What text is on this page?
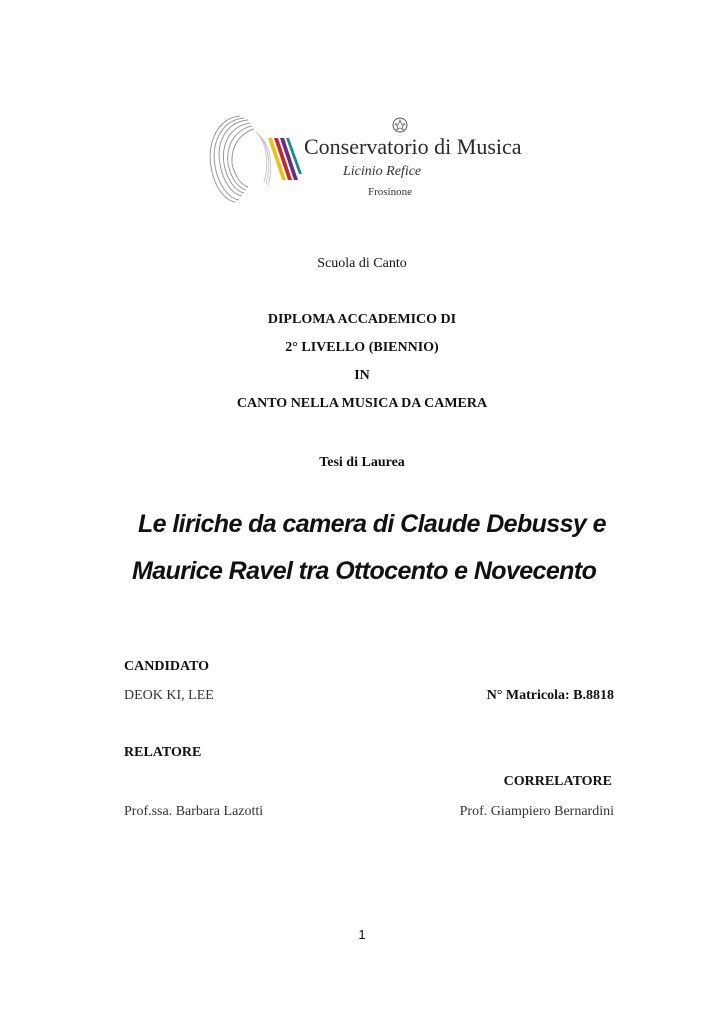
Conservatorio di Musica
Licinio Refice
Frosinone
Scuola di Canto
DIPLOMA ACCADEMICO DI
2° LIVELLO (BIENNIO)
IN
CANTO NELLA MUSICA DA CAMERA
Tesi di Laurea
Le liriche da camera di Claude Debussy e
Maurice Ravel tra Ottocento e Novecento
CANDIDATO
DEOK KI, LEE	N° Matricola: B.8818
RELATORE
CORRELATORE
Prof.ssa. Barbara Lazotti	Prof. Giampiero Bernardini
1
